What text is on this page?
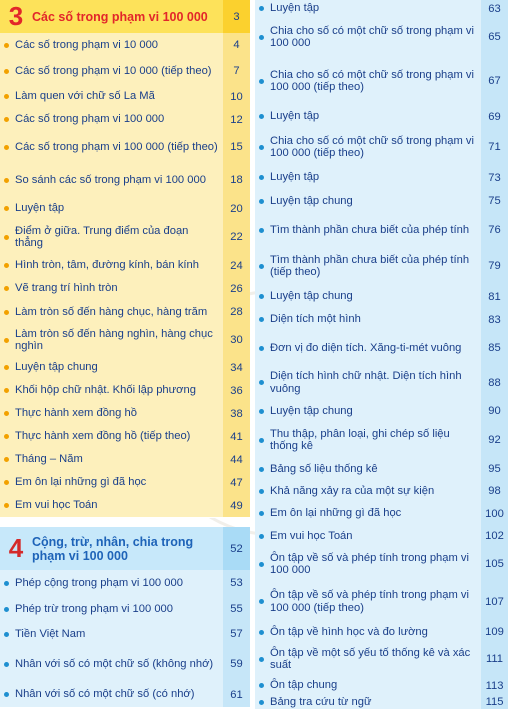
3 Các số trong phạm vi 100 000	3
Các số trong phạm vi 10 000	4
Các số trong phạm vi 10 000 (tiếp theo)	7
Làm quen với chữ số La Mã	10
Các số trong phạm vi 100 000	12
Các số trong phạm vi 100 000 (tiếp theo)	15
So sánh các số trong phạm vi 100 000	18
Luyện tập	20
Điểm ở giữa. Trung điểm của đoạn thẳng	22
Hình tròn, tâm, đường kính, bán kính	24
Vẽ trang trí hình tròn	26
Làm tròn số đến hàng chục, hàng trăm	28
Làm tròn số đến hàng nghìn, hàng chục nghìn	30
Luyện tập chung	34
Khối hộp chữ nhật. Khối lập phương	36
Thực hành xem đồng hồ	38
Thực hành xem đồng hồ (tiếp theo)	41
Tháng – Năm	44
Em ôn lại những gì đã học	47
Em vui học Toán	49
4 Cộng, trừ, nhân, chia trong phạm vi 100 000	52
Phép cộng trong phạm vi 100 000	53
Phép trừ trong phạm vi 100 000	55
Tiền Việt Nam	57
Nhân với số có một chữ số (không nhớ)	59
Nhân với số có một chữ số (có nhớ)	61
Luyện tập	63
Chia cho số có một chữ số trong phạm vi 100 000	65
Chia cho số có một chữ số trong phạm vi 100 000 (tiếp theo)	67
Luyện tập	69
Chia cho số có một chữ số trong phạm vi 100 000 (tiếp theo)	71
Luyện tập	73
Luyện tập chung	75
Tìm thành phần chưa biết của phép tính	76
Tìm thành phần chưa biết của phép tính (tiếp theo)	79
Luyện tập chung	81
Diện tích một hình	83
Đơn vị đo diện tích. Xăng-ti-mét vuông	85
Diện tích hình chữ nhật. Diện tích hình vuông	88
Luyện tập chung	90
Thu thập, phân loại, ghi chép số liệu thống kê	92
Bảng số liệu thống kê	95
Khả năng xảy ra của một sự kiện	98
Em ôn lại những gì đã học	100
Em vui học Toán	102
Ôn tập về số và phép tính trong phạm vi 100 000	105
Ôn tập về số và phép tính trong phạm vi 100 000 (tiếp theo)	107
Ôn tập về hình học và đo lường	109
Ôn tập về một số yếu tố thống kê và xác suất	111
Ôn tập chung	113
Bảng tra cứu từ ngữ	115
